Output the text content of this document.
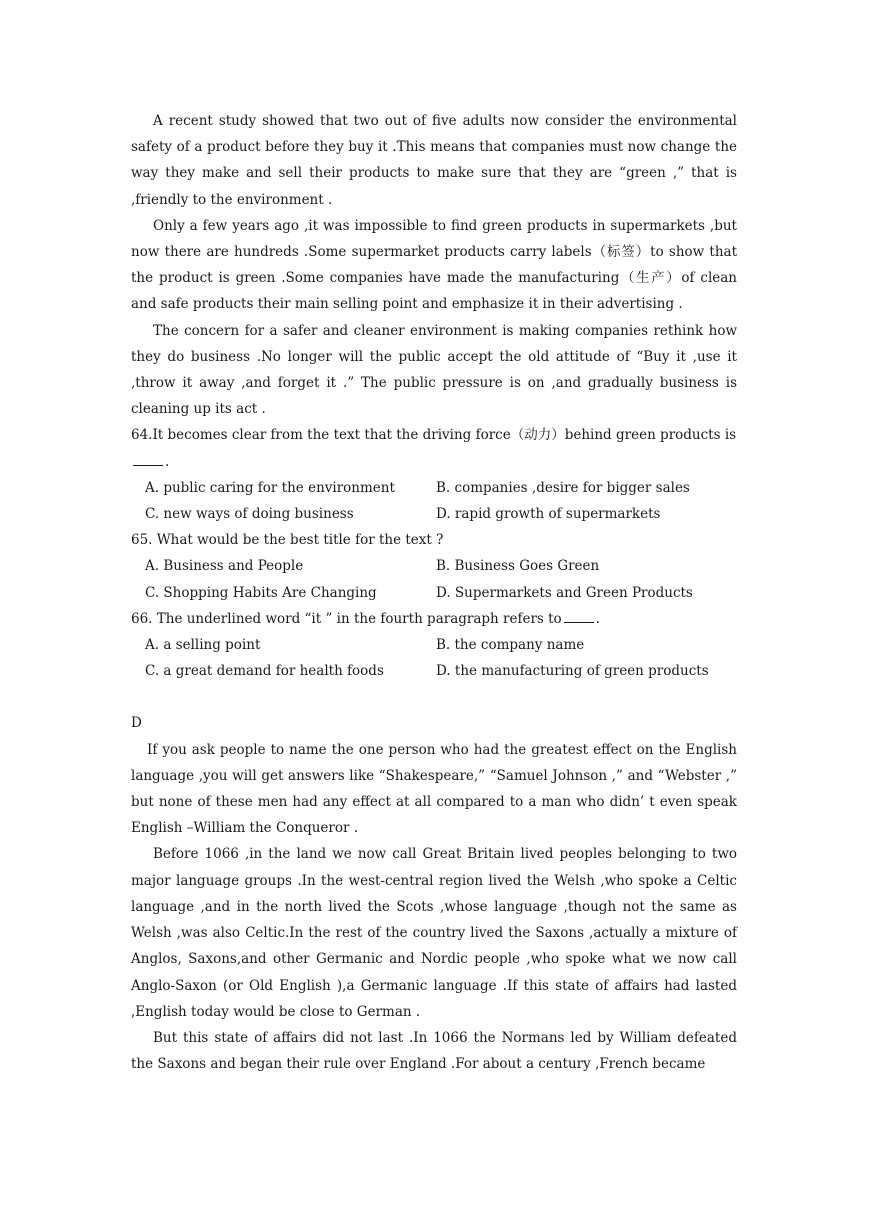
A recent study showed that two out of five adults now consider the environmental safety of a product before they buy it .This means that companies must now change the way they make and sell their products to make sure that they are “green ,” that is ,friendly to the environment .

Only a few years ago ,it was impossible to find green products in supermarkets ,but now there are hundreds .Some supermarket products carry labels（标签）to show that the product is green .Some companies have made the manufacturing（生产）of clean and safe products their main selling point and emphasize it in their advertising .

The concern for a safer and cleaner environment is making companies rethink how they do business .No longer will the public accept the old attitude of “Buy it ,use it ,throw it away ,and forget it .” The public pressure is on ,and gradually business is cleaning up its act .

64.It becomes clear from the text that the driving force（动力）behind green products is.

A. public caring for the environment	B. companies ,desire for bigger sales
C. new ways of doing business	D. rapid growth of supermarkets

65. What would be the best title for the text ?

A. Business and People	B. Business Goes Green
C. Shopping Habits Are Changing	D. Supermarkets and Green Products

66. The underlined word “it ” in the fourth paragraph refers to	.

A. a selling point	B. the company name
C. a great demand for health foods	D. the manufacturing of green products

D

If you ask people to name the one person who had the greatest effect on the English language ,you will get answers like “Shakespeare,” “Samuel Johnson ,” and “Webster ,” but none of these men had any effect at all compared to a man who didn’ t even speak English –William the Conqueror .

Before 1066 ,in the land we now call Great Britain lived peoples belonging to two major language groups .In the west-central region lived the Welsh ,who spoke a Celtic language ,and in the north lived the Scots ,whose language ,though not the same as Welsh ,was also Celtic.In the rest of the country lived the Saxons ,actually a mixture of Anglos, Saxons,and other Germanic and Nordic people ,who spoke what we now call Anglo-Saxon (or Old English ),a Germanic language .If this state of affairs had lasted ,English today would be close to German .

But this state of affairs did not last .In 1066 the Normans led by William defeated the Saxons and began their rule over England .For about a century ,French became
